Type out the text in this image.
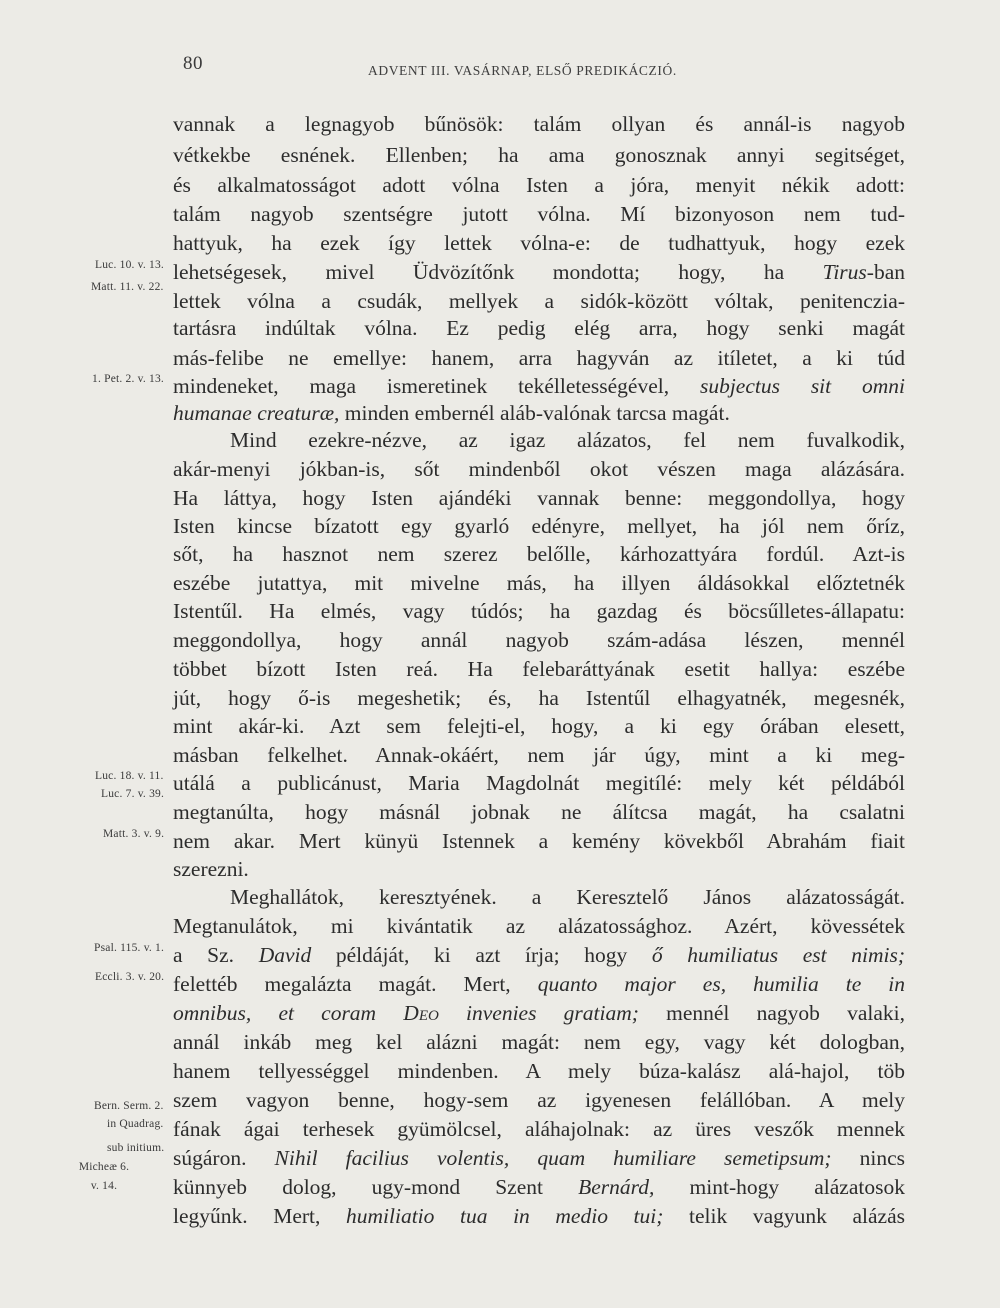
80	ADVENT III. VASÁRNAP, ELSŐ PREDIKÁCZIÓ.
Luc. 10. v. 13.
Matt. 11. v. 22.
1. Pet. 2. v. 13.
Luc. 18. v. 11.
Luc. 7. v. 39.
Matt. 3. v. 9.
Psal. 115. v. 1.
Eccli. 3. v. 20.
Bern. Serm. 2.
in Quadrag.
sub initium.
Micheæ 6.
v. 14.
vannak a legnagyob bűnösök: talám ollyan és annál-is nagyob
vétkekbe esnének. Ellenben; ha ama gonosznak annyi segitséget,
és alkalmatosságot adott vólna Isten a jóra, menyit nékik adott:
talám nagyob szentségre jutott vólna. Mí bizonyoson nem tud-
hattyuk, ha ezek így lettek vólna-e: de tudhattyuk, hogy ezek
lehetségesek, mivel Üdvözítőnk mondotta; hogy, ha Tirus-ban
lettek vólna a csudák, mellyek a sidók-között vóltak, penitenczia-
tartásra indúltak vólna. Ez pedig elég arra, hogy senki magát
más-felibe ne emellye: hanem, arra hagyván az itíletet, a ki túd
mindeneket, maga ismeretinek tekélletességével, subjectus sit omni
humanae creaturæ, minden embernél aláb-valónak tarcsa magát.
Mind ezekre-nézve, az igaz alázatos, fel nem fuvalkodik,
akár-menyi jókban-is, sőt mindenből okot vészen maga alázására.
Ha láttya, hogy Isten ajándéki vannak benne: meggondollya, hogy
Isten kincse bízatott egy gyarló edényre, mellyet, ha jól nem őríz,
sőt, ha hasznot nem szerez belőlle, kárhozattyára fordúl. Azt-is
eszébe jutattya, mit mivelne más, ha illyen áldásokkal előztetnék
Istentűl. Ha elmés, vagy túdós; ha gazdag és böcsűlletes-állapatu:
meggondollya, hogy annál nagyob szám-adása lészen, mennél
többet bízott Isten reá. Ha felebaráttyának esetit hallya: eszébe
jút, hogy ő-is megeshetik; és, ha Istentűl elhagyatnék, megesnék,
mint akár-ki. Azt sem felejti-el, hogy, a ki egy órában elesett,
másban felkelhet. Annak-okáért, nem jár úgy, mint a ki meg-
utálá a publicánust, Maria Magdolnát megitílé: mely két példából
megtanúlta, hogy másnál jobnak ne álítcsa magát, ha csalatni
nem akar. Mert künyü Istennek a kemény kövekből Abrahám fiait
szerezni.
Meghallátok, keresztyének. a Keresztelő János alázatosságát.
Megtanulátok, mi kivántatik az alázatossághoz. Azért, kövessétek
a Sz. David példáját, ki azt írja; hogy ő humiliatus est nimis;
felettéb megalázta magát. Mert, quanto major es, humilia te in
omnibus, et coram Deo invenies gratiam; mennél nagyob valaki,
annál inkáb meg kel alázni magát: nem egy, vagy két dologban,
hanem tellyességgel mindenben. A mely búza-kalász alá-hajol, töb
szem vagyon benne, hogy-sem az igyenesen felállóban. A mely
fának ágai terhesek gyümölcsel, aláhajolnak: az üres veszők mennek
súgáron. Nihil facilius volentis, quam humiliare semetipsum; nincs
künnyeb dolog, ugy-mond Szent Bernárd, mint-hogy alázatosok
legyűnk. Mert, humiliatio tua in medio tui; telik vagyunk alázás
